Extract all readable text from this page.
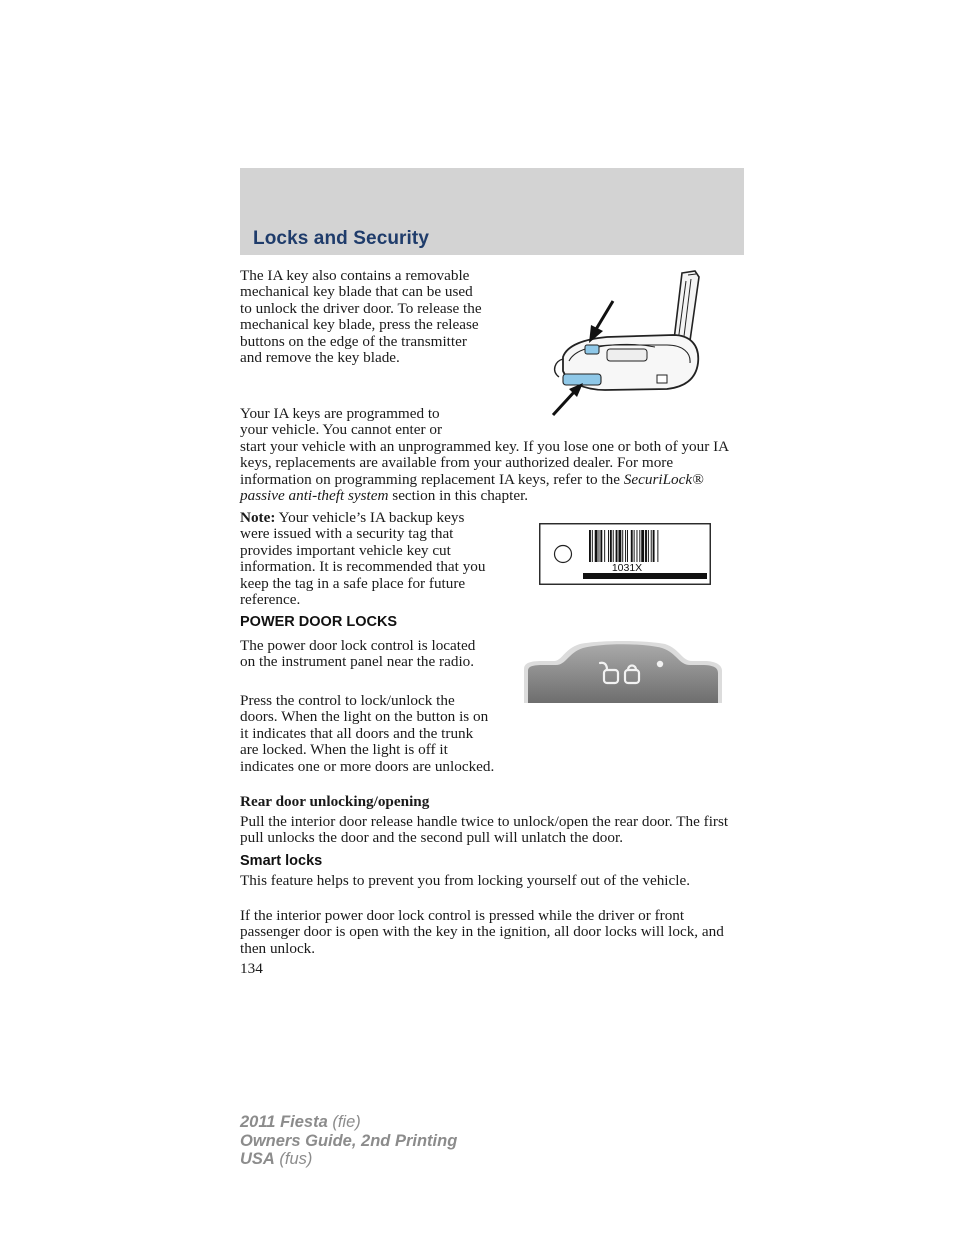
Locks and Security
The IA key also contains a removable mechanical key blade that can be used to unlock the driver door. To release the mechanical key blade, press the release buttons on the edge of the transmitter and remove the key blade.
Your IA keys are programmed to
your vehicle. You cannot enter or
start your vehicle with an unprogrammed key. If you lose one or both of your IA keys, replacements are available from your authorized dealer. For more information on programming replacement IA keys, refer to the SecuriLock® passive anti-theft system section in this chapter.
Note: Your vehicle’s IA backup keys were issued with a security tag that provides important vehicle key cut information. It is recommended that you keep the tag in a safe place for future reference.
1031X
POWER DOOR LOCKS
The power door lock control is located on the instrument panel near the radio.
Press the control to lock/unlock the doors. When the light on the button is on it indicates that all doors and the trunk are locked. When the light is off it indicates one or more doors are unlocked.
Rear door unlocking/opening
Pull the interior door release handle twice to unlock/open the rear door. The first pull unlocks the door and the second pull will unlatch the door.
Smart locks
This feature helps to prevent you from locking yourself out of the vehicle.
If the interior power door lock control is pressed while the driver or front passenger door is open with the key in the ignition, all door locks will lock, and then unlock.
134
2011 Fiesta (fie)
Owners Guide, 2nd Printing
USA (fus)
